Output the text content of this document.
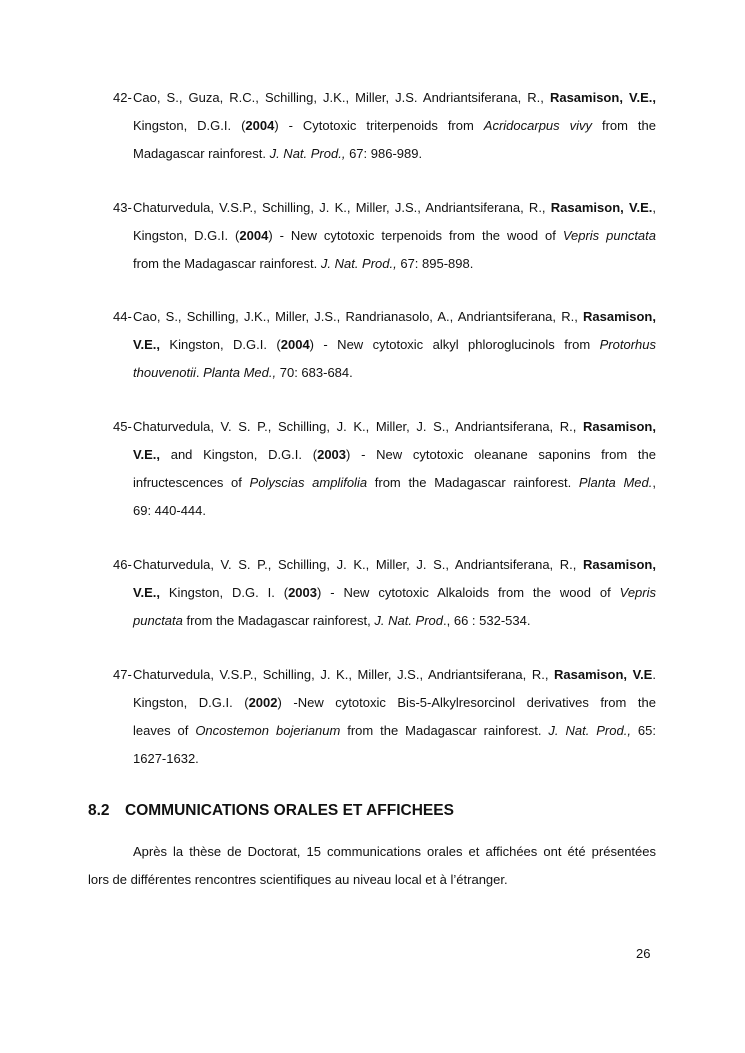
42- Cao, S., Guza, R.C., Schilling, J.K., Miller, J.S. Andriantsiferana, R., Rasamison, V.E.,
Kingston, D.G.I. (2004) - Cytotoxic triterpenoids from Acridocarpus vivy from the
Madagascar rainforest. J. Nat. Prod., 67: 986-989.
43- Chaturvedula, V.S.P., Schilling, J. K., Miller, J.S., Andriantsiferana, R., Rasamison, V.E.,
Kingston, D.G.I. (2004) - New cytotoxic terpenoids from the wood of Vepris punctata
from the Madagascar rainforest. J. Nat. Prod., 67: 895-898.
44- Cao, S., Schilling, J.K., Miller, J.S., Randrianasolo, A., Andriantsiferana, R., Rasamison,
V.E., Kingston, D.G.I. (2004) - New cytotoxic alkyl phloroglucinols from Protorhus
thouvenotii. Planta Med., 70: 683-684.
45- Chaturvedula, V. S. P., Schilling, J. K., Miller, J. S., Andriantsiferana, R., Rasamison,
V.E., and Kingston, D.G.I. (2003) - New cytotoxic oleanane saponins from the
infructescences of Polyscias amplifolia from the Madagascar rainforest. Planta Med.,
69: 440-444.
46- Chaturvedula, V. S. P., Schilling, J. K., Miller, J. S., Andriantsiferana, R., Rasamison,
V.E., Kingston, D.G. I. (2003) - New cytotoxic Alkaloids from the wood of Vepris
punctata from the Madagascar rainforest, J. Nat. Prod., 66 : 532-534.
47- Chaturvedula, V.S.P., Schilling, J. K., Miller, J.S., Andriantsiferana, R., Rasamison, V.E.
Kingston, D.G.I. (2002) -New cytotoxic Bis-5-Alkylresorcinol derivatives from the
leaves of Oncostemon bojerianum from the Madagascar rainforest. J. Nat. Prod., 65:
1627-1632.
8.2 COMMUNICATIONS ORALES ET AFFICHEES
Après la thèse de Doctorat, 15 communications orales et affichées ont été présentées
lors de différentes rencontres scientifiques au niveau local et à l’étranger.
26
